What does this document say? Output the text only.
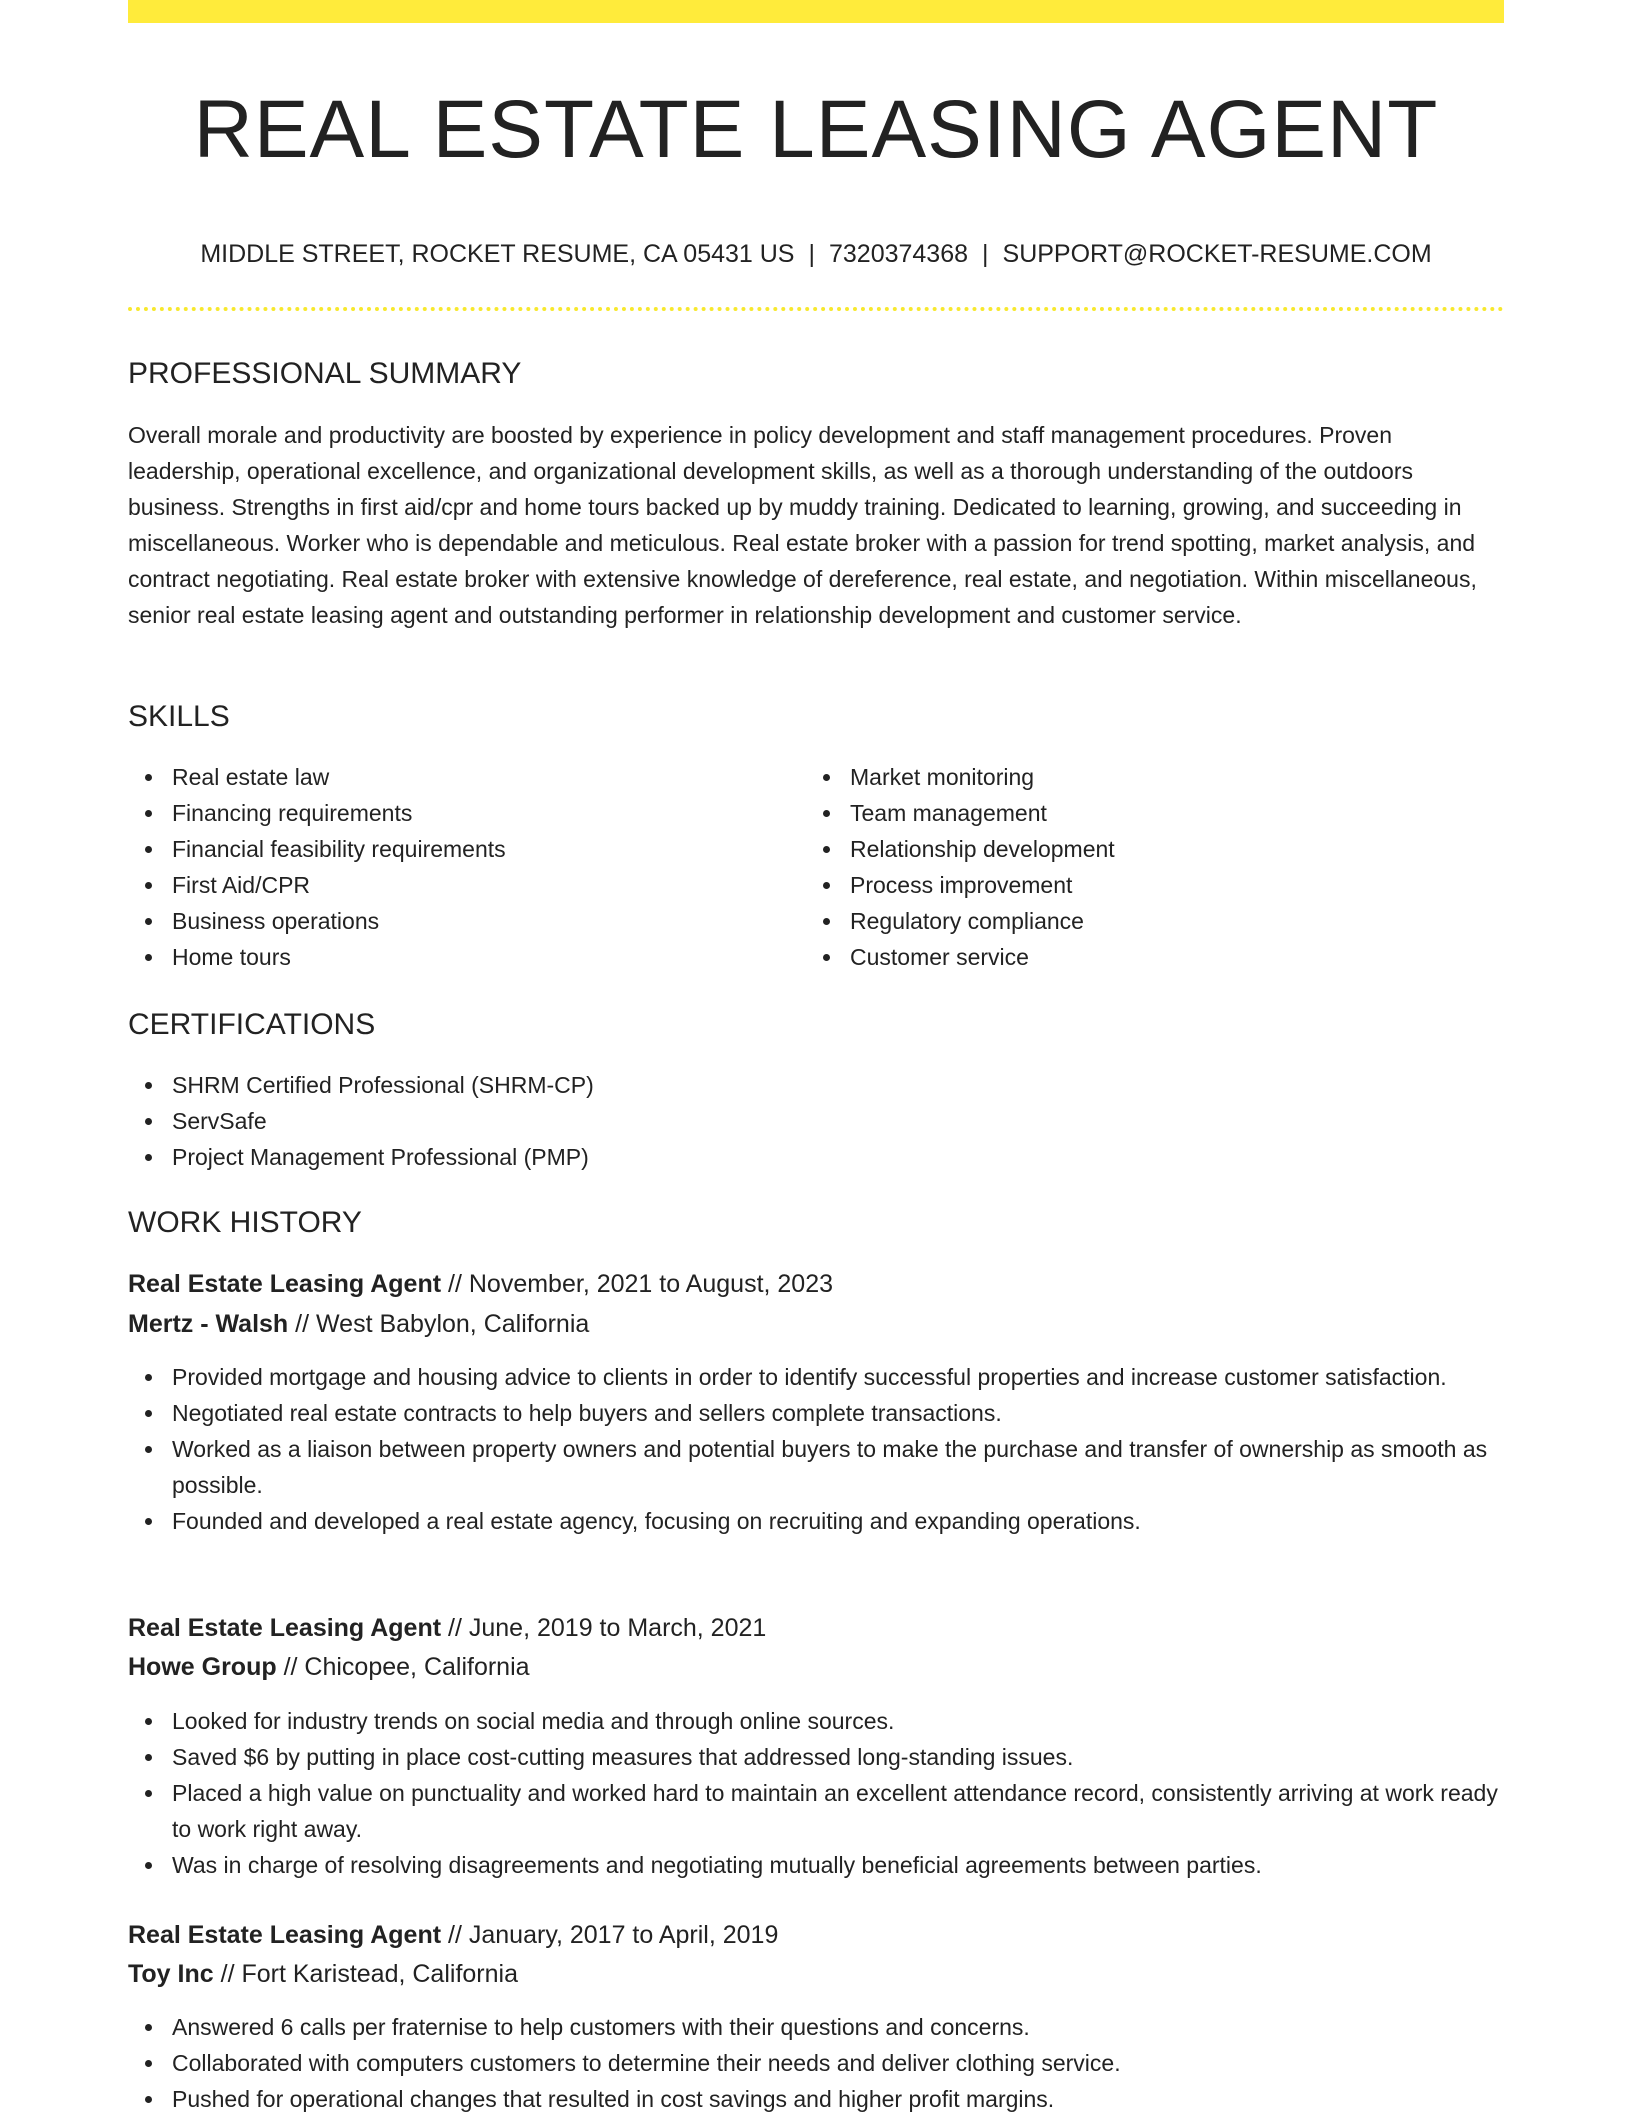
REAL ESTATE LEASING AGENT
MIDDLE STREET, ROCKET RESUME, CA 05431 US | 7320374368 | SUPPORT@ROCKET-RESUME.COM
PROFESSIONAL SUMMARY

Overall morale and productivity are boosted by experience in policy development and staff management procedures. Proven leadership, operational excellence, and organizational development skills, as well as a thorough understanding of the outdoors business. Strengths in first aid/cpr and home tours backed up by muddy training. Dedicated to learning, growing, and succeeding in miscellaneous. Worker who is dependable and meticulous. Real estate broker with a passion for trend spotting, market analysis, and contract negotiating. Real estate broker with extensive knowledge of dereference, real estate, and negotiation. Within miscellaneous, senior real estate leasing agent and outstanding performer in relationship development and customer service.

SKILLS
Real estate law
Financing requirements
Financial feasibility requirements
First Aid/CPR
Business operations
Home tours
Market monitoring
Team management
Relationship development
Process improvement
Regulatory compliance
Customer service
CERTIFICATIONS
SHRM Certified Professional (SHRM-CP)
ServSafe
Project Management Professional (PMP)
WORK HISTORY
Real Estate Leasing Agent // November, 2021 to August, 2023
Mertz - Walsh // West Babylon, California
Provided mortgage and housing advice to clients in order to identify successful properties and increase customer satisfaction.
Negotiated real estate contracts to help buyers and sellers complete transactions.
Worked as a liaison between property owners and potential buyers to make the purchase and transfer of ownership as smooth as possible.
Founded and developed a real estate agency, focusing on recruiting and expanding operations.
Real Estate Leasing Agent // June, 2019 to March, 2021
Howe Group // Chicopee, California
Looked for industry trends on social media and through online sources.
Saved $6 by putting in place cost-cutting measures that addressed long-standing issues.
Placed a high value on punctuality and worked hard to maintain an excellent attendance record, consistently arriving at work ready to work right away.
Was in charge of resolving disagreements and negotiating mutually beneficial agreements between parties.
Real Estate Leasing Agent // January, 2017 to April, 2019
Toy Inc // Fort Karistead, California
Answered 6 calls per fraternise to help customers with their questions and concerns.
Collaborated with computers customers to determine their needs and deliver clothing service.
Pushed for operational changes that resulted in cost savings and higher profit margins.
